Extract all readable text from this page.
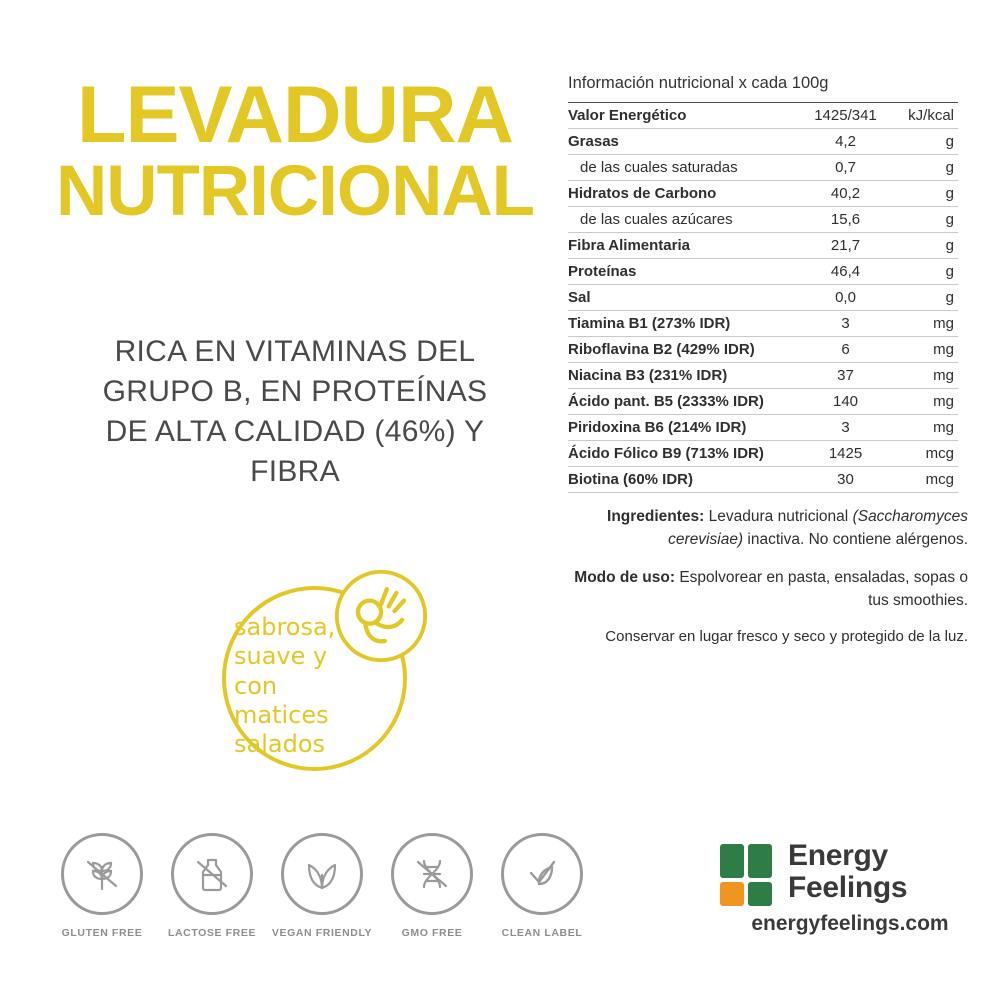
LEVADURA
NUTRICIONAL
RICA EN VITAMINAS DEL GRUPO B, EN PROTEÍNAS DE ALTA CALIDAD (46%) Y FIBRA
sabrosa, suave y con matices salados
GLUTEN FREE LACTOSE FREE VEGAN FRIENDLY	GMO FREE	CLEAN LABEL
Información nutricional x cada 100g
Valor Energético	1425/341	kJ/kcal
Grasas	4,2	g
de las cuales saturadas	0,7	g
Hidratos de Carbono	40,2	g
de las cuales azúcares	15,6	g
Fibra Alimentaria	21,7	g
Proteínas	46,4	g
Sal	0,0	g
Tiamina B1 (273% IDR)	3	mg
Riboflavina B2 (429% IDR)	6	mg
Niacina B3 (231% IDR)	37	mg
Ácido pant. B5 (2333% IDR)	140	mg
Piridoxina B6 (214% IDR)	3	mg
Ácido Fólico B9 (713% IDR)	1425	mcg
Biotina (60% IDR)	30	mcg

Ingredientes: Levadura nutricional (Saccharomyces cerevisiae) inactiva. No contiene alérgenos.

Modo de uso: Espolvorear en pasta, ensaladas, sopas o tus smoothies.

Conservar en lugar fresco y seco y protegido de la luz.

Energy
Feelings
energyfeelings.com
